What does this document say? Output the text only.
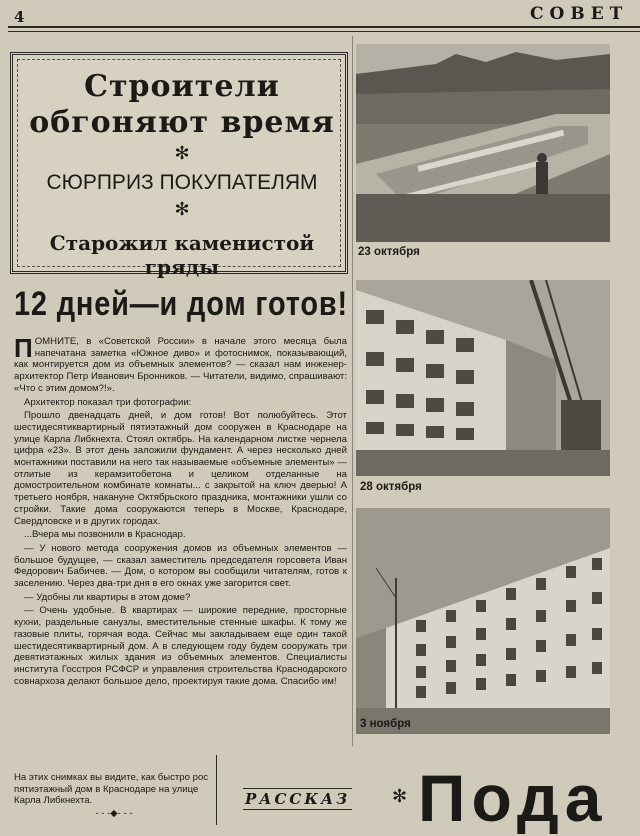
4	СОВЕТ
Строители
обгоняют время
✻
СЮРПРИЗ ПОКУПАТЕЛЯМ
✻
Старожил каменистой гряды
12 дней—и дом готов!

ПОМНИТЕ, в «Советской России» в начале этого месяца была напечатана заметка «Южное диво» и фотоснимок, показывающий, как монтируется дом из объемных элементов? — сказал нам инженер-архитектор Петр Иванович Бронников. — Читатели, видимо, спрашивают: «Что с этим домом?!».

Архитектор показал три фотографии:

Прошло двенадцать дней, и дом готов! Вот полюбуйтесь. Этот шестидесятиквартирный пятиэтажный дом сооружен в Краснодаре на улице Карла Либкнехта. Стоял октябрь. На календарном листке чернела цифра «23». В этот день заложили фундамент. А через несколько дней монтажники поставили на него так называемые «объемные элементы» — отлитые из керамзитобетона и целиком отделанные на домостроительном комбинате комнаты... с закрытой на ключ дверью! А третьего ноября, накануне Октябрьского праздника, монтажники ушли со стройки. Такие дома сооружаются теперь в Москве, Краснодаре, Свердловске и в других городах.

...Вчера мы позвонили в Краснодар.

— У нового метода сооружения домов из объемных элементов — большое будущее, — сказал заместитель председателя горсовета Иван Федорович Бабичев. — Дом, о котором вы сообщили читателям, готов к заселению. Через два-три дня в его окнах уже загорится свет.

— Удобны ли квартиры в этом доме?

— Очень удобные. В квартирах — широкие передние, просторные кухни, раздельные санузлы, вместительные стенные шкафы. К тому же газовые плиты, горячая вода. Сейчас мы закладываем еще один такой шестидесятиквартирный дом. А в следующем году будем сооружать три девятиэтажных жилых здания из объемных элементов. Специалисты института Госстроя РСФСР и управления строительства Краснодарского совнархоза делают большое дело, проектируя такие дома. Спасибо им!

На этих снимках вы видите, как быстро рос пятиэтажный дом в Краснодаре на улице Карла Либкнехта.
- - -◆- - -
23 октября
28 октября
3 ноября
РАССКАЗ ✻ Пода
